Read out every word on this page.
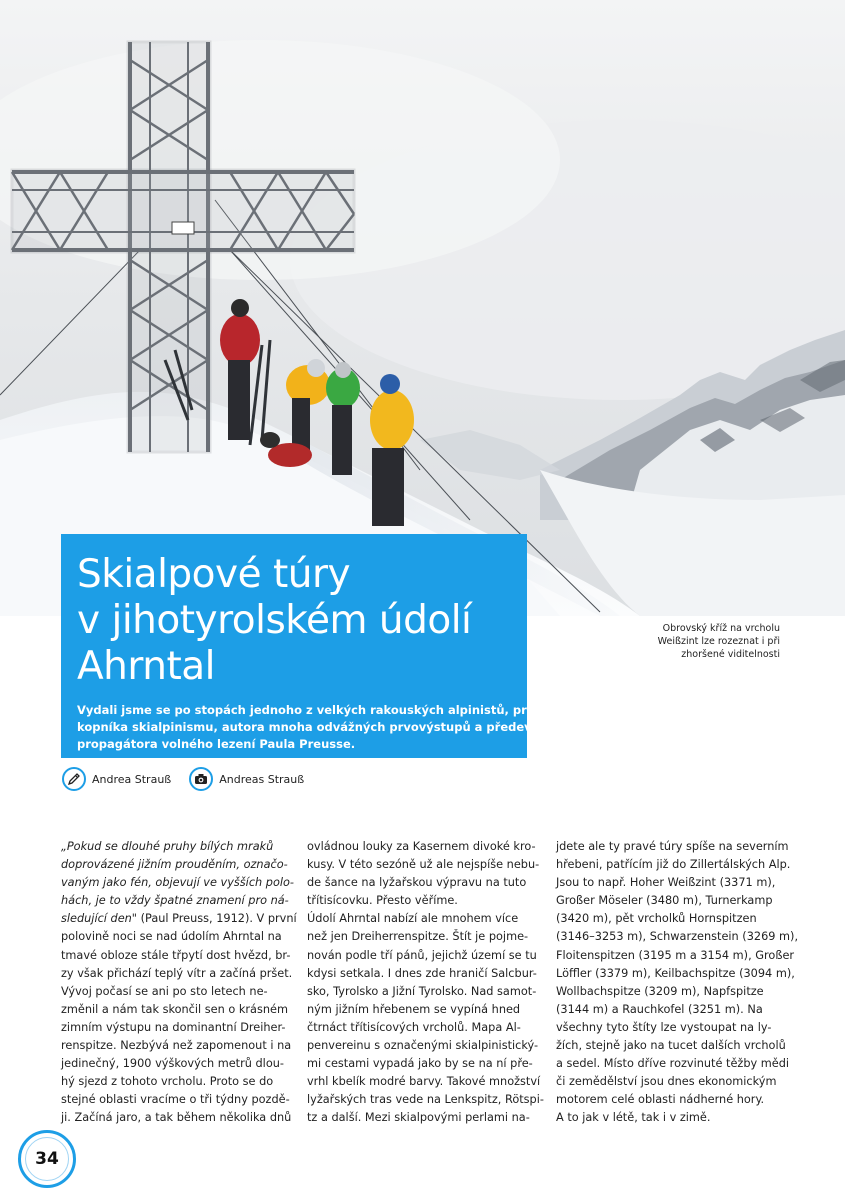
Skialpové túry
v jihotyrolském údolí
Ahrntal

Vydali jsme se po stopách jednoho z velkých rakouských alpinistů, prů-
kopníka skialpinismu, autora mnoha odvážných prvovýstupů a především
propagátora volného lezení Paula Preusse.

Obrovský kříž na vrcholu
Weißzint lze rozeznat i při
zhoršené viditelnosti
Andrea Strauß	Andreas Strauß
„Pokud se dlouhé pruhy bílých mraků
doprovázené jižním prouděním, označo-
vaným jako fén, objevují ve vyšších polo-
hách, je to vždy špatné znamení pro ná-
sledující den" (Paul Preuss, 1912). V první
polovině noci se nad údolím Ahrntal na
tmavé obloze stále třpytí dost hvězd, br-
zy však přichází teplý vítr a začíná pršet.
Vývoj počasí se ani po sto letech ne-
změnil a nám tak skončil sen o krásném
zimním výstupu na dominantní Dreiher-
renspitze. Nezbývá než zapomenout i na
jedinečný, 1900 výškových metrů dlou-
hý sjezd z tohoto vrcholu. Proto se do
stejné oblasti vracíme o tři týdny pozdě-
ji. Začíná jaro, a tak během několika dnů
ovládnou louky za Kasernem divoké kro-
kusy. V této sezóně už ale nejspíše nebu-
de šance na lyžařskou výpravu na tuto
třítisícovku. Přesto věříme.
Údolí Ahrntal nabízí ale mnohem více
než jen Dreiherrenspitze. Štít je pojme-
nován podle tří pánů, jejichž území se tu
kdysi setkala. I dnes zde hraničí Salcbur-
sko, Tyrolsko a Jižní Tyrolsko. Nad samot-
ným jižním hřebenem se vypíná hned
čtrnáct třítisícových vrcholů. Mapa Al-
penvereinu s označenými skialpinistický-
mi cestami vypadá jako by se na ní pře-
vrhl kbelík modré barvy. Takové množství
lyžařských tras vede na Lenkspitz, Rötspi-
tz a další. Mezi skialpovými perlami na-
jdete ale ty pravé túry spíše na severním
hřebeni, patřícím již do Zillertálských Alp.
Jsou to např. Hoher Weißzint (3371 m),
Großer Möseler (3480 m), Turnerkamp
(3420 m), pět vrcholků Hornspitzen
(3146–3253 m), Schwarzenstein (3269 m),
Floitenspitzen (3195 m a 3154 m), Großer
Löffler (3379 m), Keilbachspitze (3094 m),
Wollbachspitze (3209 m), Napfspitze
(3144 m) a Rauchkofel (3251 m). Na
všechny tyto štíty lze vystoupat na ly-
žích, stejně jako na tucet dalších vrcholů
a sedel. Místo dříve rozvinuté těžby mědi
či zemědělství jsou dnes ekonomickým
motorem celé oblasti nádherné hory.
A to jak v létě, tak i v zimě.
34
